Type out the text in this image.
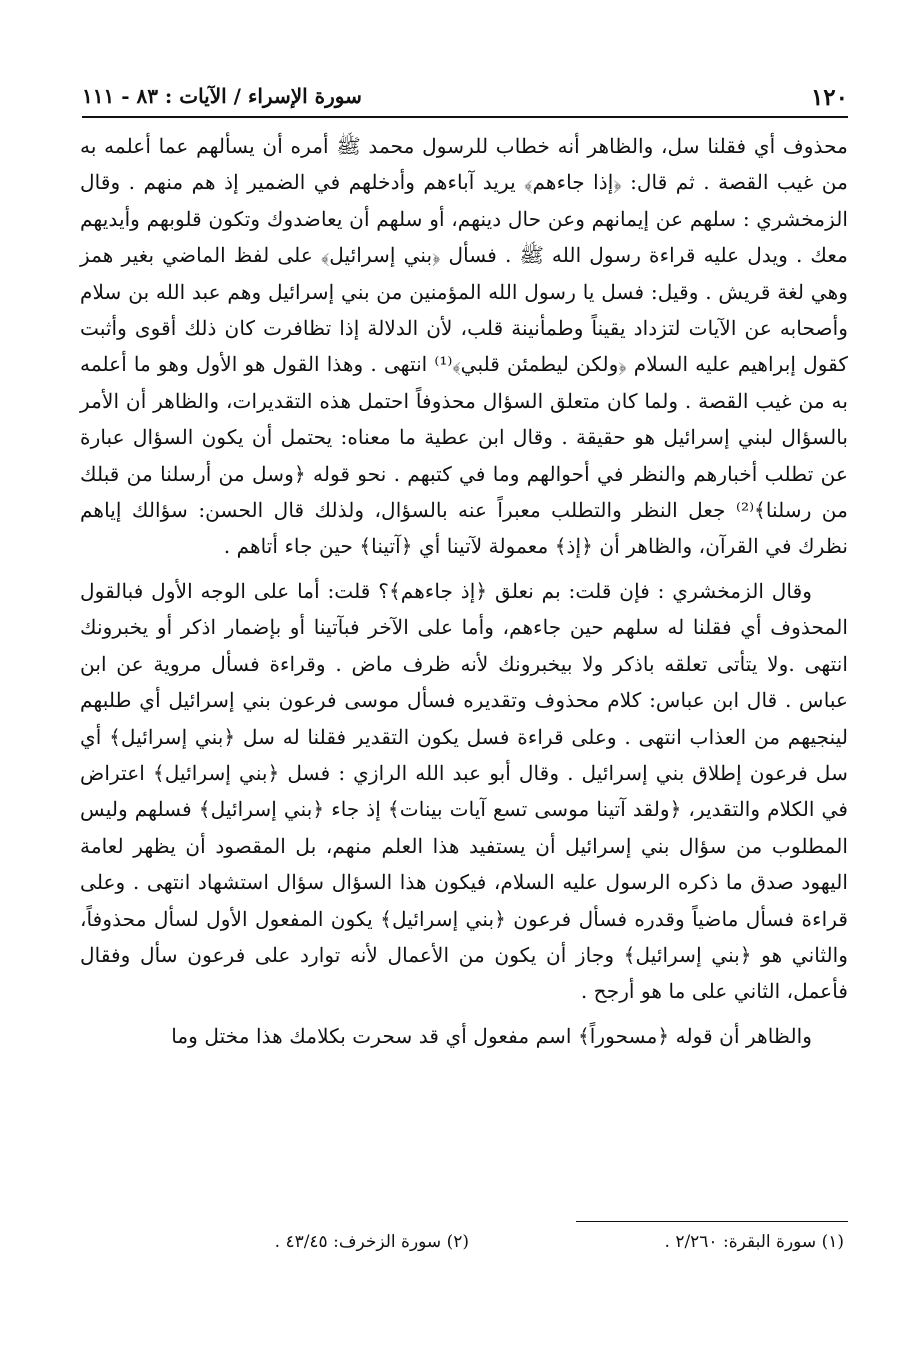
١٢٠
سورة الإسراء / الآيات : ٨٣ - ١١١

محذوف أي فقلنا سل، والظاهر أنه خطاب للرسول محمد ﷺ أمره أن يسألهم عما أعلمه به من غيب القصة . ثم قال: ﴿إذا جاءهم﴾ يريد آباءهم وأدخلهم في الضمير إذ هم منهم . وقال الزمخشري : سلهم عن إيمانهم وعن حال دينهم، أو سلهم أن يعاضدوك وتكون قلوبهم وأيديهم معك . ويدل عليه قراءة رسول الله ﷺ . فسأل ﴿بني إسرائيل﴾ على لفظ الماضي بغير همز وهي لغة قريش . وقيل: فسل يا رسول الله المؤمنين من بني إسرائيل وهم عبد الله بن سلام وأصحابه عن الآيات لتزداد يقيناً وطمأنينة قلب، لأن الدلالة إذا تظافرت كان ذلك أقوى وأثبت كقول إبراهيم عليه السلام ﴿ولكن ليطمئن قلبي﴾⁽¹⁾ انتهى . وهذا القول هو الأول وهو ما أعلمه به من غيب القصة . ولما كان متعلق السؤال محذوفاً احتمل هذه التقديرات، والظاهر أن الأمر بالسؤال لبني إسرائيل هو حقيقة . وقال ابن عطية ما معناه: يحتمل أن يكون السؤال عبارة عن تطلب أخبارهم والنظر في أحوالهم وما في كتبهم . نحو قوله ﴿وسل من أرسلنا من قبلك من رسلنا﴾⁽²⁾ جعل النظر والتطلب معبراً عنه بالسؤال، ولذلك قال الحسن: سؤالك إياهم نظرك في القرآن، والظاهر أن ﴿إذ﴾ معمولة لآتينا أي ﴿آتينا﴾ حين جاء أتاهم .

وقال الزمخشري : فإن قلت: بم نعلق ﴿إذ جاءهم﴾؟ قلت: أما على الوجه الأول فبالقول المحذوف أي فقلنا له سلهم حين جاءهم، وأما على الآخر فبآتينا أو بإضمار اذكر أو يخبرونك انتهى .ولا يتأتى تعلقه باذكر ولا بيخبرونك لأنه ظرف ماض . وقراءة فسأل مروية عن ابن عباس . قال ابن عباس: كلام محذوف وتقديره فسأل موسى فرعون بني إسرائيل أي طلبهم لينجيهم من العذاب انتهى . وعلى قراءة فسل يكون التقدير فقلنا له سل ﴿بني إسرائيل﴾ أي سل فرعون إطلاق بني إسرائيل . وقال أبو عبد الله الرازي : فسل ﴿بني إسرائيل﴾ اعتراض في الكلام والتقدير، ﴿ولقد آتينا موسى تسع آيات بينات﴾ إذ جاء ﴿بني إسرائيل﴾ فسلهم وليس المطلوب من سؤال بني إسرائيل أن يستفيد هذا العلم منهم، بل المقصود أن يظهر لعامة اليهود صدق ما ذكره الرسول عليه السلام، فيكون هذا السؤال سؤال استشهاد انتهى . وعلى قراءة فسأل ماضياً وقدره فسأل فرعون ﴿بني إسرائيل﴾ يكون المفعول الأول لسأل محذوفاً، والثاني هو ﴿بني إسرائيل﴾ وجاز أن يكون من الأعمال لأنه توارد على فرعون سأل وفقال فأعمل، الثاني على ما هو أرجح .

والظاهر أن قوله ﴿مسحوراً﴾ اسم مفعول أي قد سحرت بكلامك هذا مختل وما

(١) سورة البقرة: ٢/٢٦٠ .
(٢) سورة الزخرف: ٤٣/٤٥ .
